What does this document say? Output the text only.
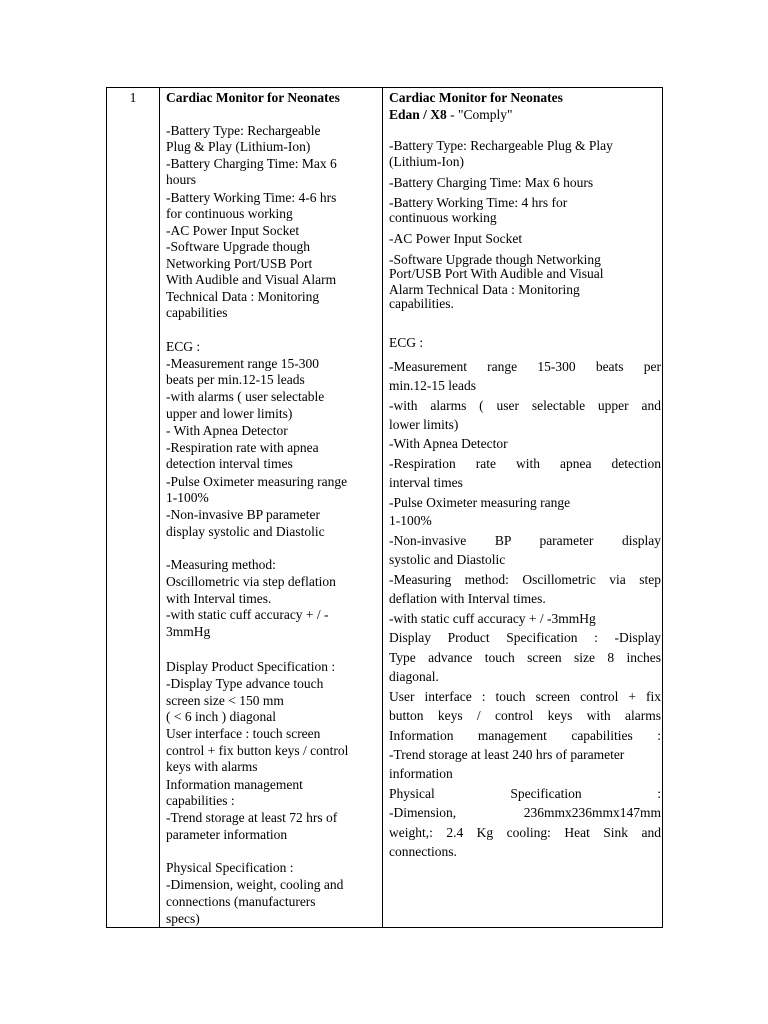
1	Cardiac Monitor for Neonates
-Battery Type: Rechargeable
Plug & Play (Lithium-Ion)
-Battery Charging Time: Max 6
hours
-Battery Working Time: 4-6 hrs
for continuous working
-AC Power Input Socket
-Software Upgrade though
Networking Port/USB Port
With Audible and Visual Alarm
Technical Data : Monitoring
capabilities
ECG :
-Measurement range 15-300
beats per min.12-15 leads
-with alarms ( user selectable
upper and lower limits)
- With Apnea Detector
-Respiration rate with apnea
detection interval times
-Pulse Oximeter measuring range
1-100%
-Non-invasive BP parameter
display systolic and Diastolic
-Measuring method:
Oscillometric via step deflation
with Interval times.
-with static cuff accuracy + / -
3mmHg
Display Product Specification :
-Display Type advance touch
screen size < 150 mm
( < 6 inch ) diagonal
User interface : touch screen
control + fix button keys / control
keys with alarms
Information management
capabilities :
-Trend storage at least 72 hrs of
parameter information
Physical Specification :
-Dimension, weight, cooling and
connections (manufacturers
specs)
Cardiac Monitor for Neonates
Edan / X8 - "Comply"
-Battery Type: Rechargeable Plug & Play
(Lithium-Ion)
-Battery Charging Time: Max 6 hours
-Battery Working Time: 4 hrs for
continuous working
-AC Power Input Socket
-Software Upgrade though Networking
Port/USB Port With Audible and Visual
Alarm Technical Data : Monitoring
capabilities.
ECG :
-Measurement range 15-300 beats per
min.12-15 leads
-with alarms ( user selectable upper and
lower limits)
-With Apnea Detector
-Respiration rate with apnea detection
interval times
-Pulse Oximeter measuring range
1-100%
-Non-invasive BP parameter display
systolic and Diastolic
-Measuring method: Oscillometric via step
deflation with Interval times.
-with static cuff accuracy + / -3mmHg
Display Product Specification : -Display
Type advance touch screen size 8 inches
diagonal.
User interface : touch screen control + fix
button keys / control keys with alarms
Information management capabilities :
-Trend storage at least 240 hrs of parameter
information
Physical Specification :
-Dimension, 236mmx236mmx147mm
weight,: 2.4 Kg cooling: Heat Sink and
connections.
